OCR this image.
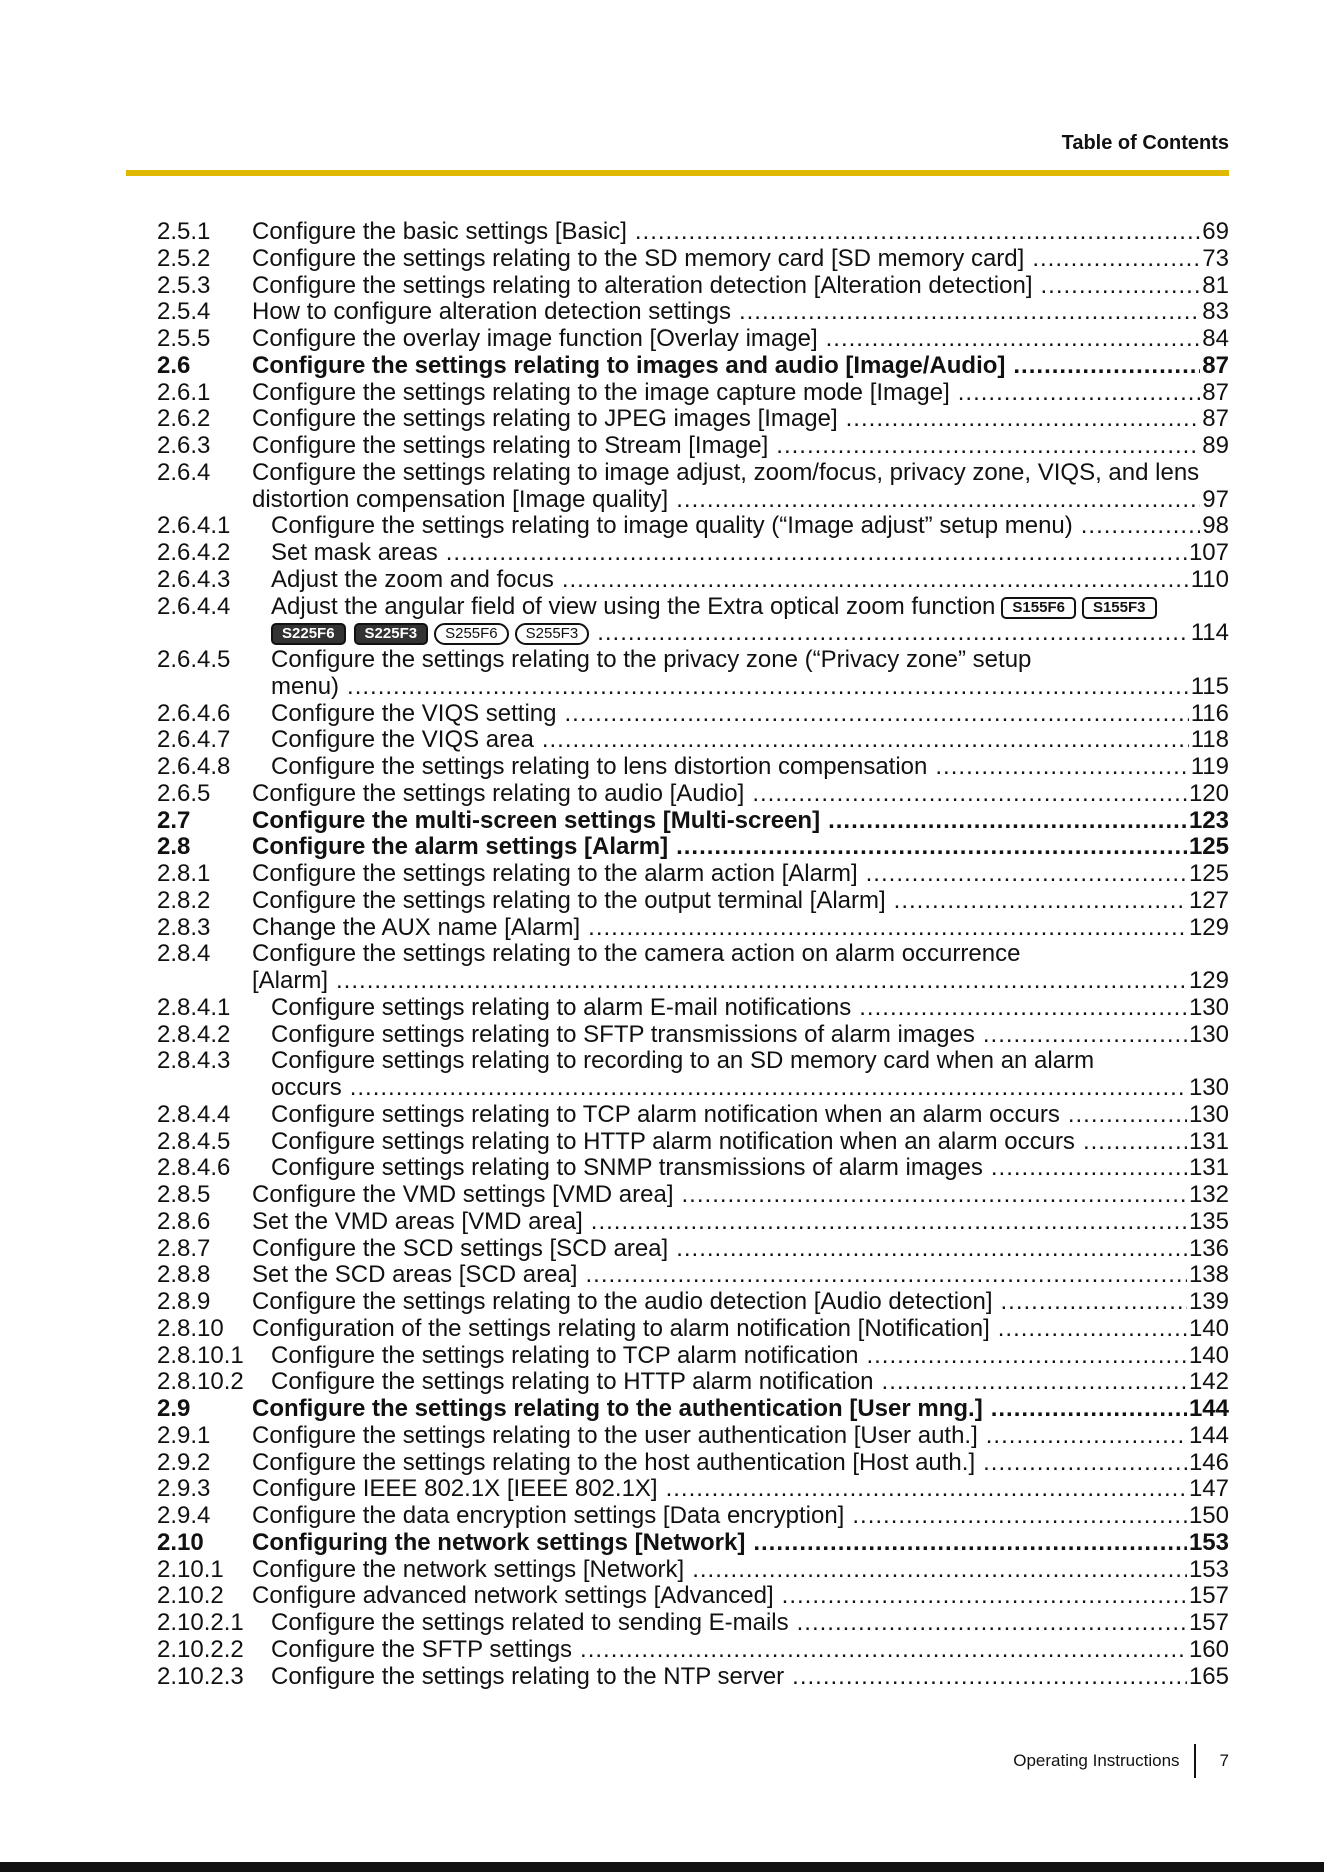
Table of Contents
2.5.1	Configure the basic settings [Basic] .....	69
2.5.2	Configure the settings relating to the SD memory card [SD memory card] .....	73
2.5.3	Configure the settings relating to alteration detection [Alteration detection] .....	81
2.5.4	How to configure alteration detection settings .....	83
2.5.5	Configure the overlay image function [Overlay image] .....	84
2.6	Configure the settings relating to images and audio [Image/Audio] .....	87
2.6.1	Configure the settings relating to the image capture mode [Image] .....	87
2.6.2	Configure the settings relating to JPEG images [Image] .....	87
2.6.3	Configure the settings relating to Stream [Image] .....	89
2.6.4	Configure the settings relating to image adjust, zoom/focus, privacy zone, VIQS, and lens
distortion compensation [Image quality] .....	97
2.6.4.1	Configure the settings relating to image quality (“Image adjust” setup menu) .....	98
2.6.4.2	Set mask areas .....	107
2.6.4.3	Adjust the zoom and focus .....	110
2.6.4.4	Adjust the angular field of view using the Extra optical zoom function	S155F6 S155F3
S225F6 S225F3 S255F6 S255F3 .....	114
2.6.4.5	Configure the settings relating to the privacy zone (“Privacy zone” setup
menu) .....	115
2.6.4.6	Configure the VIQS setting .....	116
2.6.4.7	Configure the VIQS area .....	118
2.6.4.8	Configure the settings relating to lens distortion compensation .....	119
2.6.5	Configure the settings relating to audio [Audio] .....	120
2.7	Configure the multi-screen settings [Multi-screen] .....	123
2.8	Configure the alarm settings [Alarm] .....	125
2.8.1	Configure the settings relating to the alarm action [Alarm] .....	125
2.8.2	Configure the settings relating to the output terminal [Alarm] .....	127
2.8.3	Change the AUX name [Alarm] .....	129
2.8.4	Configure the settings relating to the camera action on alarm occurrence
[Alarm] .....	129
2.8.4.1	Configure settings relating to alarm E-mail notifications .....	130
2.8.4.2	Configure settings relating to SFTP transmissions of alarm images .....	130
2.8.4.3	Configure settings relating to recording to an SD memory card when an alarm
occurs .....	130
2.8.4.4	Configure settings relating to TCP alarm notification when an alarm occurs .....	130
2.8.4.5	Configure settings relating to HTTP alarm notification when an alarm occurs .....	131
2.8.4.6	Configure settings relating to SNMP transmissions of alarm images .....	131
2.8.5	Configure the VMD settings [VMD area] .....	132
2.8.6	Set the VMD areas [VMD area] .....	135
2.8.7	Configure the SCD settings [SCD area] .....	136
2.8.8	Set the SCD areas [SCD area] .....	138
2.8.9	Configure the settings relating to the audio detection [Audio detection] .....	139
2.8.10	Configuration of the settings relating to alarm notification [Notification] .....	140
2.8.10.1	Configure the settings relating to TCP alarm notification .....	140
2.8.10.2	Configure the settings relating to HTTP alarm notification .....	142
2.9	Configure the settings relating to the authentication [User mng.] .....	144
2.9.1	Configure the settings relating to the user authentication [User auth.] .....	144
2.9.2	Configure the settings relating to the host authentication [Host auth.] .....	146
2.9.3	Configure IEEE 802.1X [IEEE 802.1X] .....	147
2.9.4	Configure the data encryption settings [Data encryption] .....	150
2.10	Configuring the network settings [Network] .....	153
2.10.1	Configure the network settings [Network] .....	153
2.10.2	Configure advanced network settings [Advanced] .....	157
2.10.2.1	Configure the settings related to sending E-mails .....	157
2.10.2.2	Configure the SFTP settings .....	160
2.10.2.3	Configure the settings relating to the NTP server .....	165
Operating Instructions 7
